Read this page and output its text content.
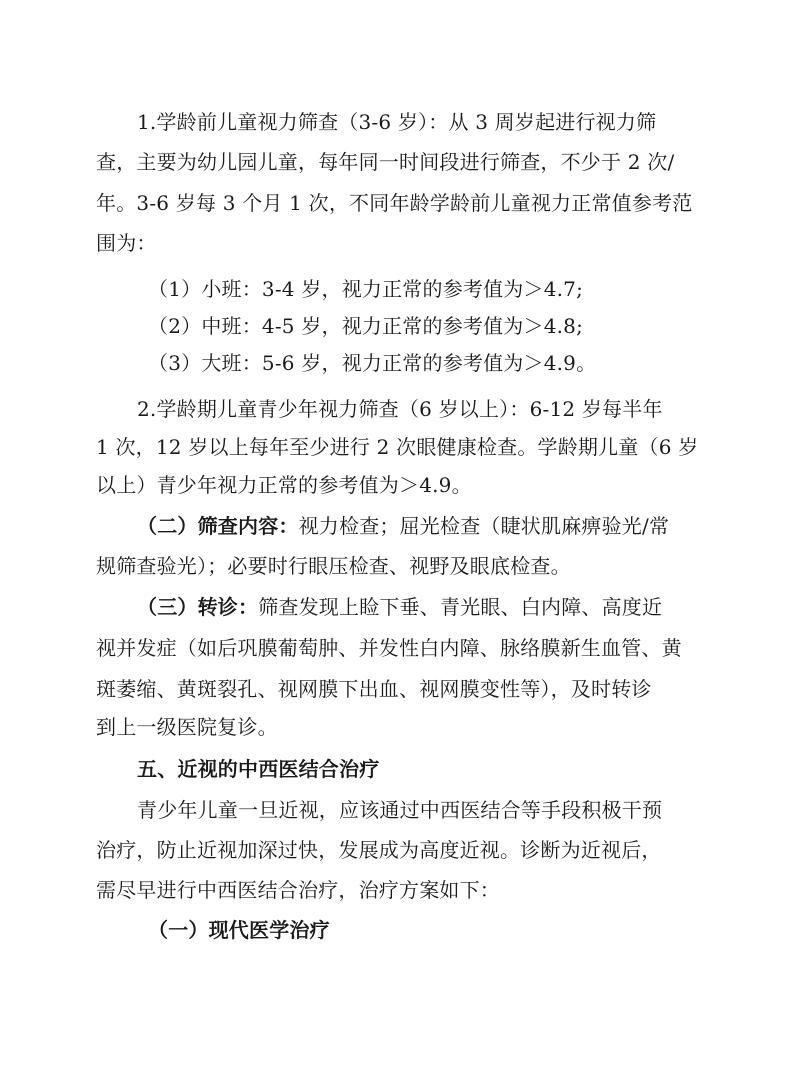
1.学龄前儿童视力筛查（3-6 岁）：从 3 周岁起进行视力筛
查，主要为幼儿园儿童，每年同一时间段进行筛查，不少于 2 次/
年。3-6 岁每 3 个月 1 次，不同年龄学龄前儿童视力正常值参考范
围为：
（1）小班：3-4 岁，视力正常的参考值为＞4.7;
（2）中班：4-5 岁，视力正常的参考值为＞4.8;
（3）大班：5-6 岁，视力正常的参考值为＞4.9。
2.学龄期儿童青少年视力筛查（6 岁以上）：6-12 岁每半年
1 次，12 岁以上每年至少进行 2 次眼健康检查。学龄期儿童（6 岁
以上）青少年视力正常的参考值为＞4.9。
（二）筛查内容：视力检查；屈光检查（睫状肌麻痹验光/常
规筛查验光）；必要时行眼压检查、视野及眼底检查。
（三）转诊：筛查发现上睑下垂、青光眼、白内障、高度近
视并发症（如后巩膜葡萄肿、并发性白内障、脉络膜新生血管、黄
斑萎缩、黄斑裂孔、视网膜下出血、视网膜变性等），及时转诊
到上一级医院复诊。
五、近视的中西医结合治疗
青少年儿童一旦近视，应该通过中西医结合等手段积极干预
治疗，防止近视加深过快，发展成为高度近视。诊断为近视后，
需尽早进行中西医结合治疗，治疗方案如下：
（一）现代医学治疗
